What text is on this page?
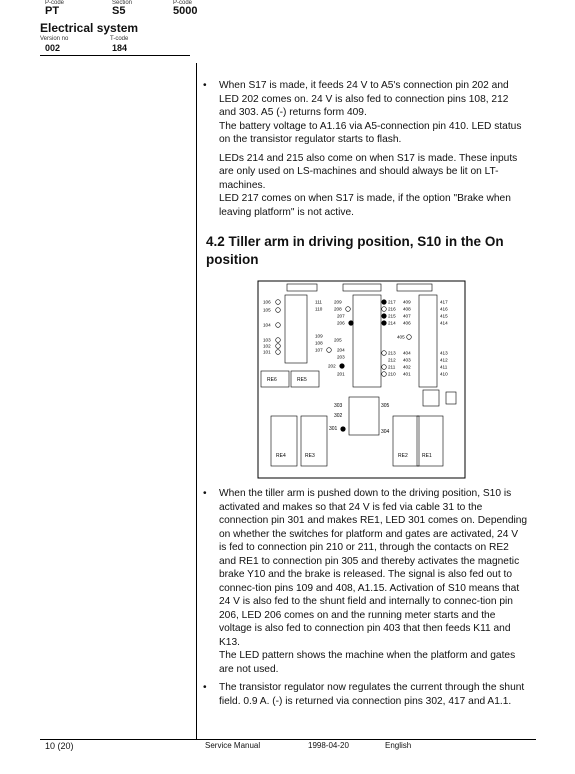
P-code
PT
Section
S5
P-code
5000
Electrical system
Version no
002
T-code
184
• When S17 is made, it feeds 24 V to A5's connection pin 202 and LED 202 comes on. 24 V is also fed to connection pins 108, 212 and 303. A5 (-) returns form 409.

The battery voltage to A1.16 via A5-connection pin 410. LED status on the transistor regulator starts to flash.

LEDs 214 and 215 also come on when S17 is made. These inputs are only used on LS-machines and should always be lit on LT-machines.

LED 217 comes on when S17 is made, if the option "Brake when leaving platform" is not active.

4.2 Tiller arm in driving position, S10 in the On position
106
105
104
103
102
101
111
110
209
208
207
206
109
108
205
107	204
203
202
201
217
216
215
214
409
408
407
406
405
213
212
211
210
404
403
402
401
417
416
415
414
413
412
411
410
RE6	RE5
RE4	RE3	RE2	RE1
303
302
301
305
304
• When the tiller arm is pushed down to the driving position, S10 is activated and makes so that 24 V is fed via cable 31 to the connection pin 301 and makes RE1, LED 301 comes on. Depending on whether the switches for platform and gates are activated, 24 V is fed to connection pin 210 or 211, through the contacts on RE2 and RE1 to connection pin 305 and thereby activates the magnetic brake Y10 and the brake is released. The signal is also fed out to connec-tion pins 109 and 408, A1.15. Activation of S10 means that 24 V is also fed to the shunt field and internally to connec-tion pin 206, LED 206 comes on and the running meter starts and the voltage is also fed to connection pin 403 that then feeds K11 and K13.

The LED pattern shows the machine when the platform and gates are not used.

• The transistor regulator now regulates the current through the shunt field. 0.9 A. (-) is returned via connection pins 302, 417 and A1.1.

10 (20)	Service Manual	1998-04-20	English
